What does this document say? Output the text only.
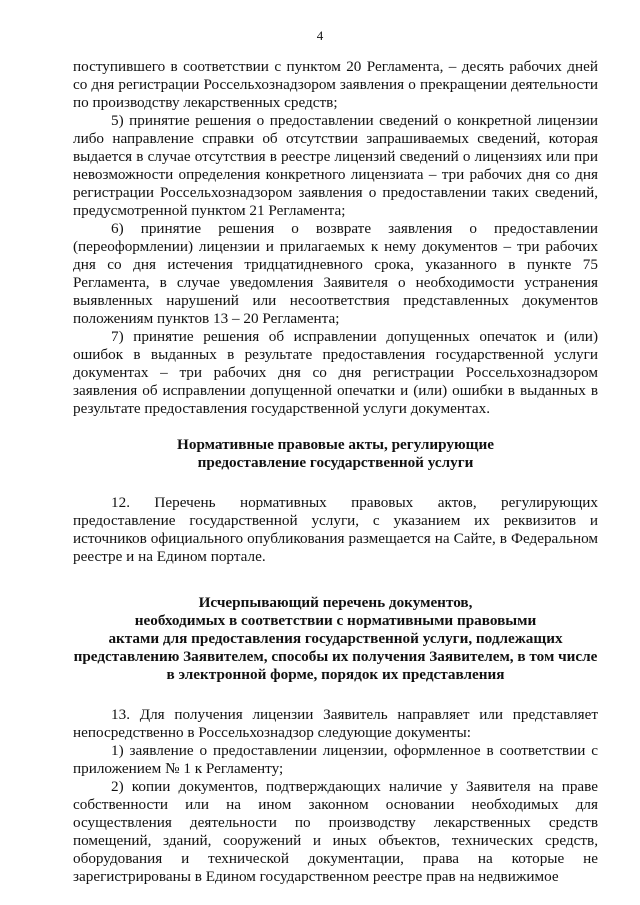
4

поступившего в соответствии с пунктом 20 Регламента, – десять рабочих дней со дня регистрации Россельхознадзором заявления о прекращении деятельности по производству лекарственных средств;

5) принятие решения о предоставлении сведений о конкретной лицензии либо направление справки об отсутствии запрашиваемых сведений, которая выдается в случае отсутствия в реестре лицензий сведений о лицензиях или при невозможности определения конкретного лицензиата – три рабочих дня со дня регистрации Россельхознадзором заявления о предоставлении таких сведений, предусмотренной пунктом 21 Регламента;

6) принятие решения о возврате заявления о предоставлении (переоформлении) лицензии и прилагаемых к нему документов – три рабочих дня со дня истечения тридцатидневного срока, указанного в пункте 75 Регламента, в случае уведомления Заявителя о необходимости устранения выявленных нарушений или несоответствия представленных документов положениям пунктов 13 – 20 Регламента;

7) принятие решения об исправлении допущенных опечаток и (или) ошибок в выданных в результате предоставления государственной услуги документах – три рабочих дня со дня регистрации Россельхознадзором заявления об исправлении допущенной опечатки и (или) ошибки в выданных в результате предоставления государственной услуги документах.

Нормативные правовые акты, регулирующие
предоставление государственной услуги

12. Перечень нормативных правовых актов, регулирующих предоставление государственной услуги, с указанием их реквизитов и источников официального опубликования размещается на Сайте, в Федеральном реестре и на Едином портале.

Исчерпывающий перечень документов,
необходимых в соответствии с нормативными правовыми
актами для предоставления государственной услуги, подлежащих
представлению Заявителем, способы их получения Заявителем, в том числе
в электронной форме, порядок их представления

13. Для получения лицензии Заявитель направляет или представляет непосредственно в Россельхознадзор следующие документы:

1) заявление о предоставлении лицензии, оформленное в соответствии с приложением № 1 к Регламенту;

2) копии документов, подтверждающих наличие у Заявителя на праве собственности или на ином законном основании необходимых для осуществления деятельности по производству лекарственных средств помещений, зданий, сооружений и иных объектов, технических средств, оборудования и технической документации, права на которые не зарегистрированы в Едином государственном реестре прав на недвижимое
